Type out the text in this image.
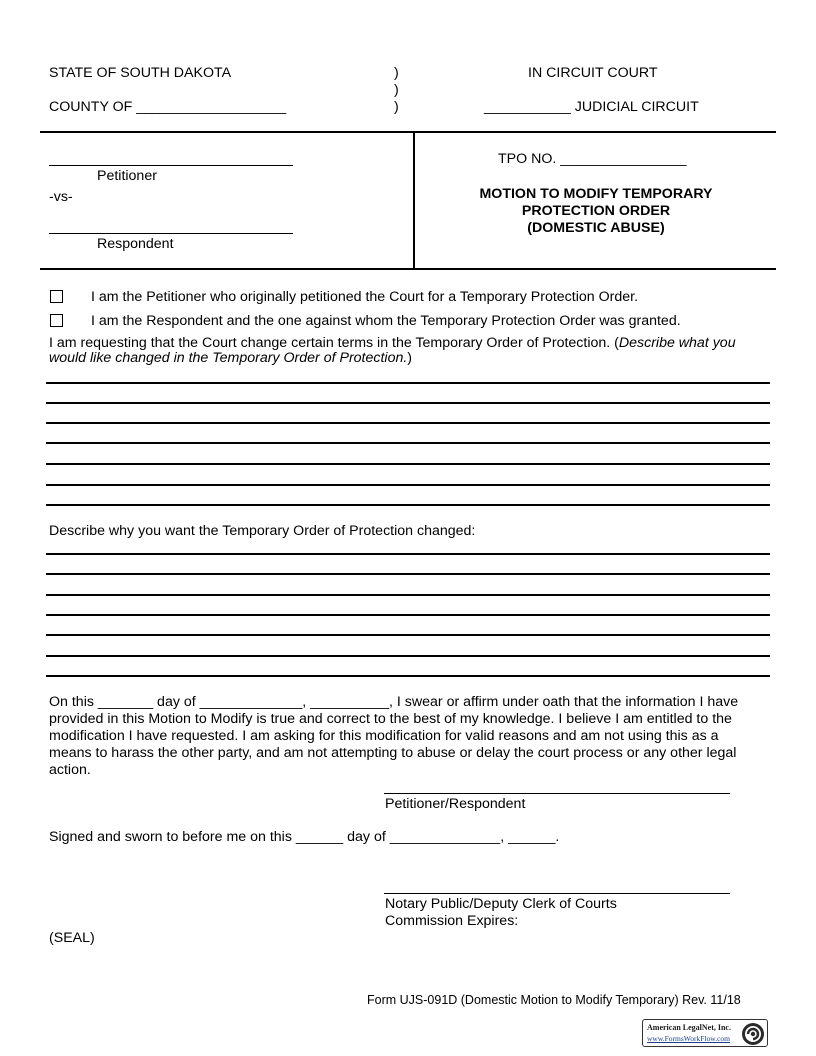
STATE OF SOUTH DAKOTA
COUNTY OF ___________________
)
)
)
IN CIRCUIT COURT
___________ JUDICIAL CIRCUIT
Petitioner
-vs-
Respondent
TPO NO. ________________
MOTION TO MODIFY TEMPORARY
PROTECTION ORDER
(DOMESTIC ABUSE)
I am the Petitioner who originally petitioned the Court for a Temporary Protection Order.
I am the Respondent and the one against whom the Temporary Protection Order was granted.
I am requesting that the Court change certain terms in the Temporary Order of Protection. (Describe what you
would like changed in the Temporary Order of Protection.)
Describe why you want the Temporary Order of Protection changed:
On this _______ day of _____________, __________, I swear or affirm under oath that the information I have
provided in this Motion to Modify is true and correct to the best of my knowledge. I believe I am entitled to the
modification I have requested. I am asking for this modification for valid reasons and am not using this as a
means to harass the other party, and am not attempting to abuse or delay the court process or any other legal
action.
Petitioner/Respondent
Signed and sworn to before me on this ______ day of ______________, ______.
Notary Public/Deputy Clerk of Courts
Commission Expires:
(SEAL)
Form UJS-091D (Domestic Motion to Modify Temporary) Rev. 11/18
American LegalNet, Inc.
www.FormsWorkFlow.com
